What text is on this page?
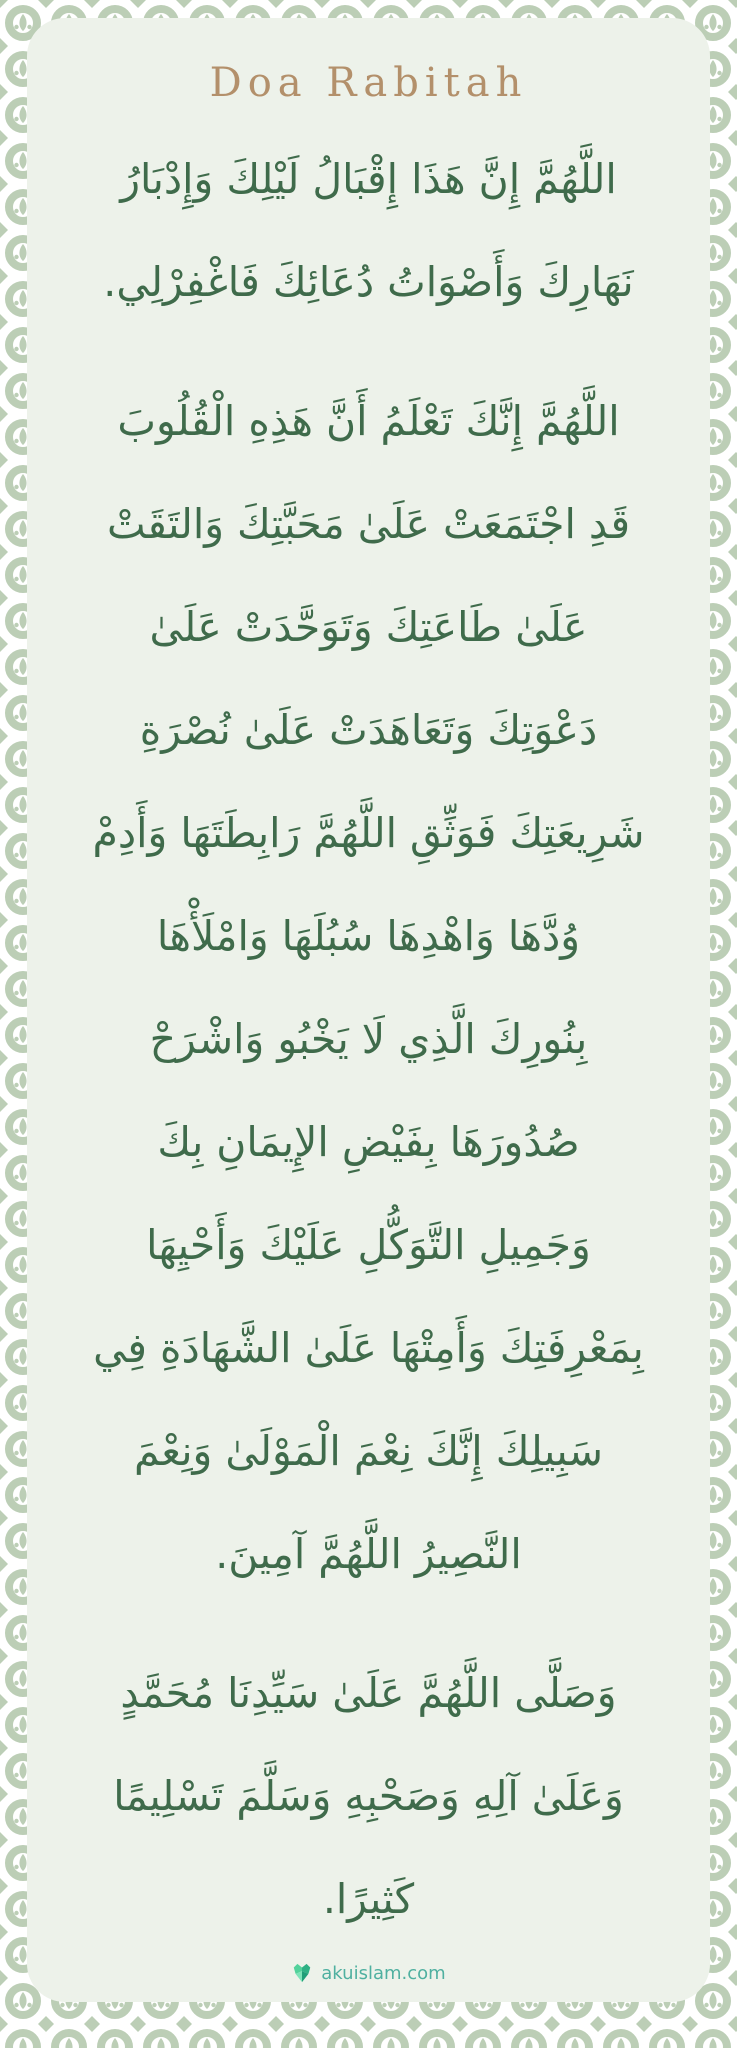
Doa Rabitah
اللَّهُمَّ إِنَّ هَذَا إِقْبَالُ لَيْلِكَ وَإِدْبَارُ
نَهَارِكَ وَأَصْوَاتُ دُعَائِكَ فَاغْفِرْلِي.
اللَّهُمَّ إِنَّكَ تَعْلَمُ أَنَّ هَذِهِ الْقُلُوبَ
قَدِ اجْتَمَعَتْ عَلَىٰ مَحَبَّتِكَ وَالتَقَتْ
عَلَىٰ طَاعَتِكَ وَتَوَحَّدَتْ عَلَىٰ
دَعْوَتِكَ وَتَعَاهَدَتْ عَلَىٰ نُصْرَةِ
شَرِيعَتِكَ فَوَثِّقِ اللَّهُمَّ رَابِطَتَهَا وَأَدِمْ
وُدَّهَا وَاهْدِهَا سُبُلَهَا وَامْلَأْهَا
بِنُورِكَ الَّذِي لَا يَخْبُو وَاشْرَحْ
صُدُورَهَا بِفَيْضِ الإِيمَانِ بِكَ
وَجَمِيلِ التَّوَكُّلِ عَلَيْكَ وَأَحْيِهَا
بِمَعْرِفَتِكَ وَأَمِتْهَا عَلَىٰ الشَّهَادَةِ فِي
سَبِيلِكَ إِنَّكَ نِعْمَ الْمَوْلَىٰ وَنِعْمَ
النَّصِيرُ اللَّهُمَّ آمِينَ.
وَصَلَّى اللَّهُمَّ عَلَىٰ سَيِّدِنَا مُحَمَّدٍ
وَعَلَىٰ آلِهِ وَصَحْبِهِ وَسَلَّمَ تَسْلِيمًا
كَثِيرًا.
akuislam.com
